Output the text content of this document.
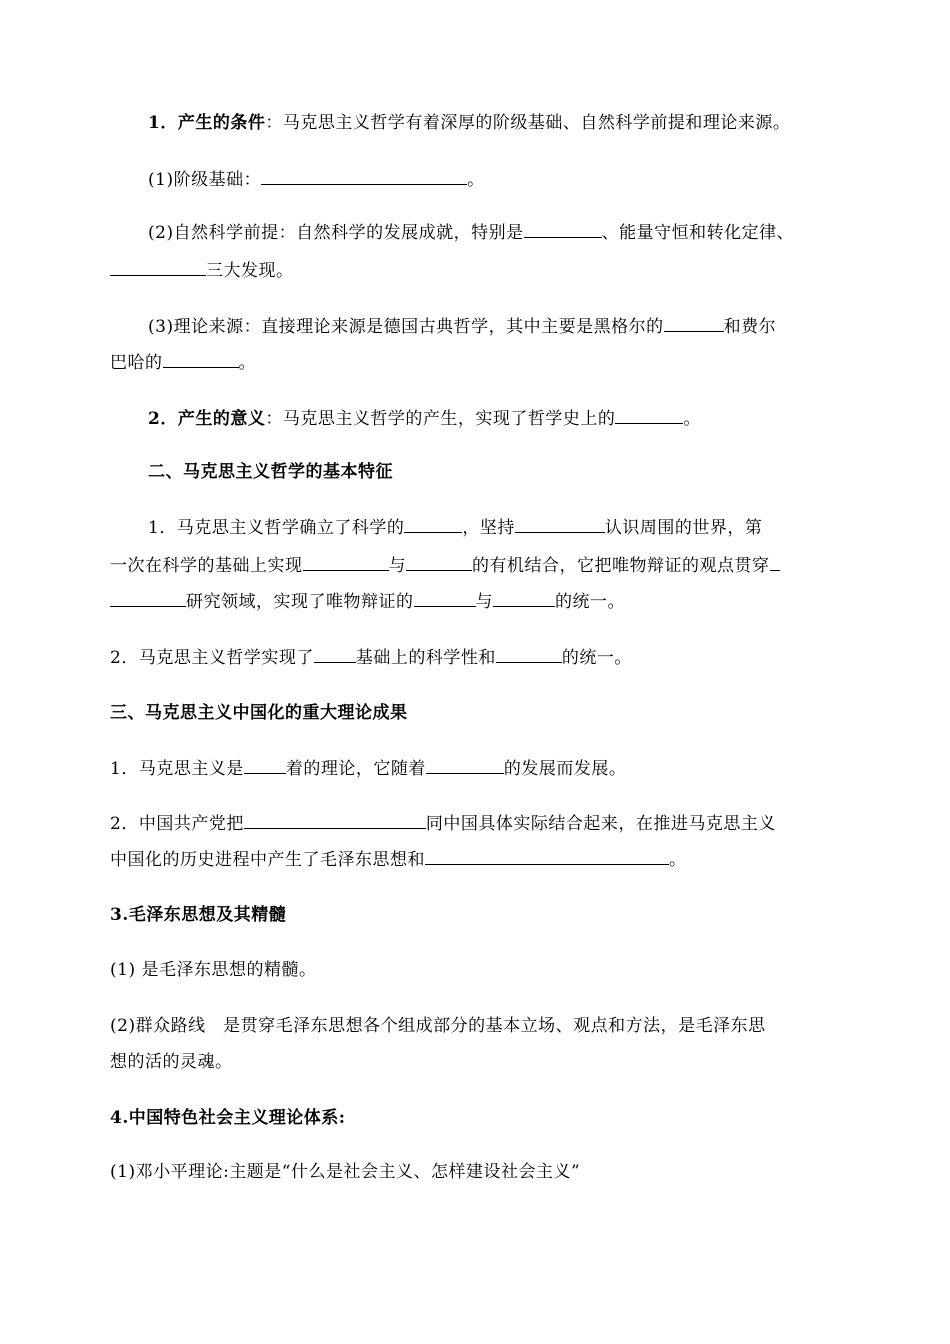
1．产生的条件：马克思主义哲学有着深厚的阶级基础、自然科学前提和理论来源。
(1)阶级基础：	。
(2)自然科学前提：自然科学的发展成就，特别是	、能量守恒和转化定律、
三大发现。
(3)理论来源：直接理论来源是德国古典哲学，其中主要是黑格尔的	和费尔
巴哈的	。
2．产生的意义：马克思主义哲学的产生，实现了哲学史上的	。
二、马克思主义哲学的基本特征
1．马克思主义哲学确立了科学的	，坚持	认识周围的世界，第
一次在科学的基础上实现	与	的有机结合，它把唯物辩证的观点贯穿
研究领域，实现了唯物辩证的	与	的统一。
2．马克思主义哲学实现了 基础上的科学性和	的统一。
三、马克思主义中国化的重大理论成果
1．马克思主义是 着的理论，它随着	的发展而发展。
2．中国共产党把	同中国具体实际结合起来，在推进马克思主义
中国化的历史进程中产生了毛泽东思想和	。
3.毛泽东思想及其精髓
(1) 是毛泽东思想的精髓。
(2)群众路线　是贯穿毛泽东思想各个组成部分的基本立场、观点和方法，是毛泽东思
想的活的灵魂。
4.中国特色社会主义理论体系:
(1)邓小平理论:主题是“什么是社会主义、怎样建设社会主义”
